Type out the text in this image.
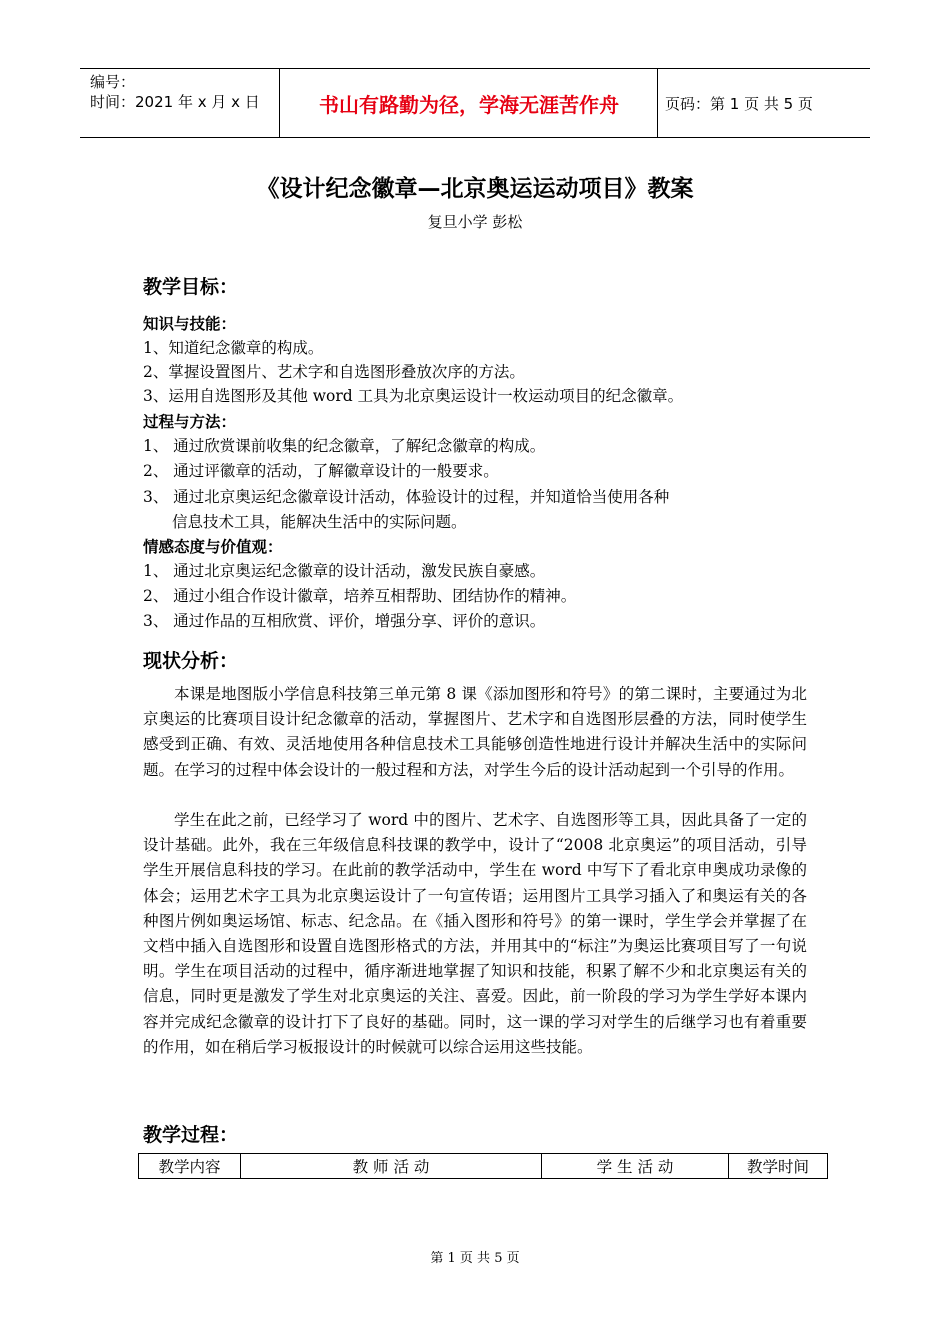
编号：
时间：2021 年 x 月 x 日	书山有路勤为径，学海无涯苦作舟	页码：第 1 页 共 5 页
《设计纪念徽章—北京奥运运动项目》教案
复旦小学 彭松
教学目标：
知识与技能：
1、知道纪念徽章的构成。
2、掌握设置图片、艺术字和自选图形叠放次序的方法。
3、运用自选图形及其他 word 工具为北京奥运设计一枚运动项目的纪念徽章。
过程与方法：
1、 通过欣赏课前收集的纪念徽章，了解纪念徽章的构成。
2、 通过评徽章的活动，了解徽章设计的一般要求。
3、 通过北京奥运纪念徽章设计活动，体验设计的过程，并知道恰当使用各种
信息技术工具，能解决生活中的实际问题。
情感态度与价值观：
1、 通过北京奥运纪念徽章的设计活动，激发民族自豪感。
2、 通过小组合作设计徽章，培养互相帮助、团结协作的精神。
3、 通过作品的互相欣赏、评价，增强分享、评价的意识。
现状分析：
本课是地图版小学信息科技第三单元第 8 课《添加图形和符号》的第二课时，主要通过为北京奥运的比赛项目设计纪念徽章的活动，掌握图片、艺术字和自选图形层叠的方法，同时使学生感受到正确、有效、灵活地使用各种信息技术工具能够创造性地进行设计并解决生活中的实际问题。在学习的过程中体会设计的一般过程和方法，对学生今后的设计活动起到一个引导的作用。
学生在此之前，已经学习了 word 中的图片、艺术字、自选图形等工具，因此具备了一定的设计基础。此外，我在三年级信息科技课的教学中，设计了“2008 北京奥运”的项目活动，引导学生开展信息科技的学习。在此前的教学活动中，学生在 word 中写下了看北京申奥成功录像的体会；运用艺术字工具为北京奥运设计了一句宣传语；运用图片工具学习插入了和奥运有关的各种图片例如奥运场馆、标志、纪念品。在《插入图形和符号》的第一课时，学生学会并掌握了在文档中插入自选图形和设置自选图形格式的方法，并用其中的“标注”为奥运比赛项目写了一句说明。学生在项目活动的过程中，循序渐进地掌握了知识和技能，积累了解不少和北京奥运有关的信息，同时更是激发了学生对北京奥运的关注、喜爱。因此，前一阶段的学习为学生学好本课内容并完成纪念徽章的设计打下了良好的基础。同时，这一课的学习对学生的后继学习也有着重要的作用，如在稍后学习板报设计的时候就可以综合运用这些技能。
教学过程：
教学内容	教 师 活 动	学 生 活 动	教学时间
第 1 页 共 5 页
